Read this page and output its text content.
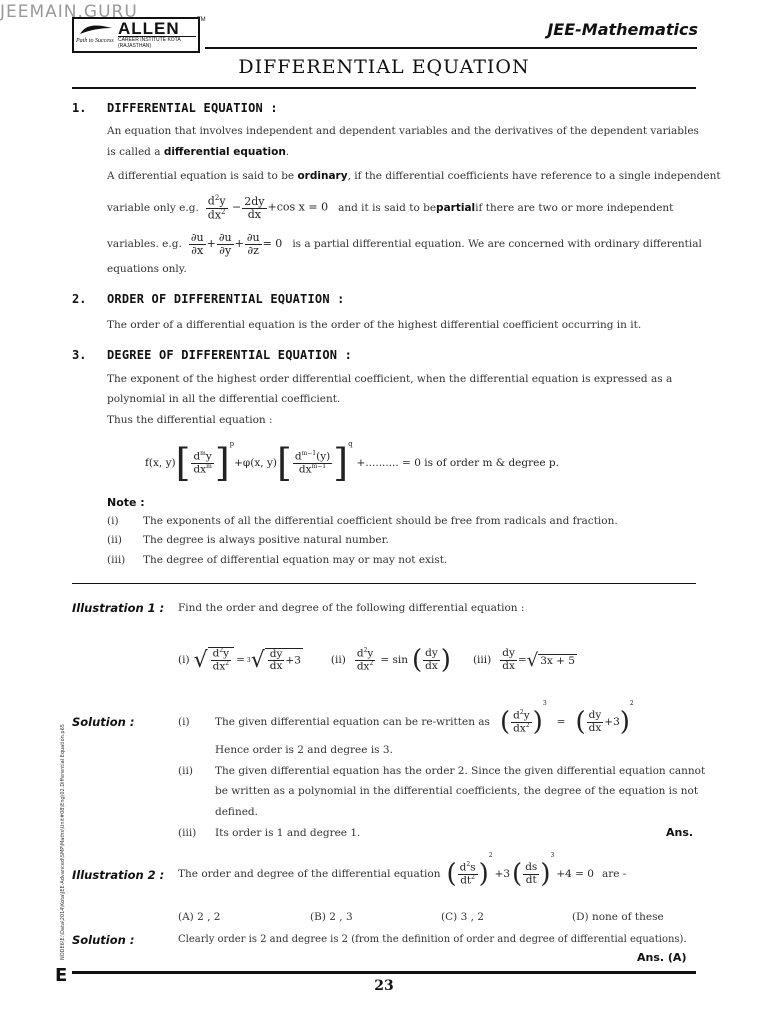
JEEMAIN.GURU
ALLEN
CAREER INSTITUTE KOTA (RAJASTHAN)
Path to Success
TM	JEE-Mathematics
DIFFERENTIAL EQUATION
1. DIFFERENTIAL EQUATION :
An equation that involves independent and dependent variables and the derivatives of the dependent variables
is called a differential equation.
A differential equation is said to be ordinary, if the differential coefficients have reference to a single independent
variable only e.g. $\frac{d^2y}{dx^2} - \frac{2dy}{dx} +\cos$ x = 0 and it is said to be partial if there are two or more independent
variables. e.g. $\frac{\partial u}{\partial x} + \frac{\partial u}{\partial y} + \frac{\partial u}{\partial z} = 0$ is a partial differential equation. We are concerned with ordinary differential
equations only.
2. ORDER OF DIFFERENTIAL EQUATION :
The order of a differential equation is the order of the highest differential coefficient occurring in it.
3. DEGREE OF DIFFERENTIAL EQUATION :
The exponent of the highest order differential coefficient, when the differential equation is expressed as a
polynomial in all the differential coefficient.
Thus the differential equation :
f(x, y) [ $\frac{d^my}{dx^m} ]^p$
+φ(x, y) [ $\frac{d^{m-1}(y)}{dx^{m-1}} ]^q$
+.......... = 0 is of order m & degree p.
Note :
(i) The exponents of all the differential coefficient should be free from radicals and fraction.
(ii) The degree is always positive natural number.
(iii) The degree of differential equation may or may not exist.
Illustration 1 : Find the order and degree of the following differential equation :
(i) √ $\frac{d^2y}{dx^2} = 3$ √ $\frac{dy}{dx} +3$	$(ii) \frac{d^2y}{dx^2} = \sin$ ( $\frac{dy}{dx}$ ) $(iii) \frac{dy}{dx}$ = √ 3x + 5
Solution :	(i) The given differential equation can be re-written as ( $\frac{d^2y}{dx^2}$ )
3
= ( $\frac{dy}{dx} +3$ )
2
Hence order is 2 and degree is 3.
(ii) The given differential equation has the order 2. Since the given differential equation cannot
be written as a polynomial in the differential coefficients, the degree of the equation is not
defined.
(iii) Its order is 1 and degree 1.	Ans.
Illustration 2 : The order and degree of the differential equation ( $\frac{d^2s}{dt^2}$ )
2
+3 ( $\frac{ds}{dt}$ )
3
+4 = 0 are -
(A) 2 , 2	(B) 2 , 3	(C) 3 , 2	(D) none of these
Solution :	Clearly order is 2 and degree is 2 (from the definition of order and degree of differential equations).
Ans. (A)
NODE6\E:\Data\2014\Kota\JEE-Advanced\SMP\Maths\Unit#08\Eng\02.Differential Equation.p65
E	23
